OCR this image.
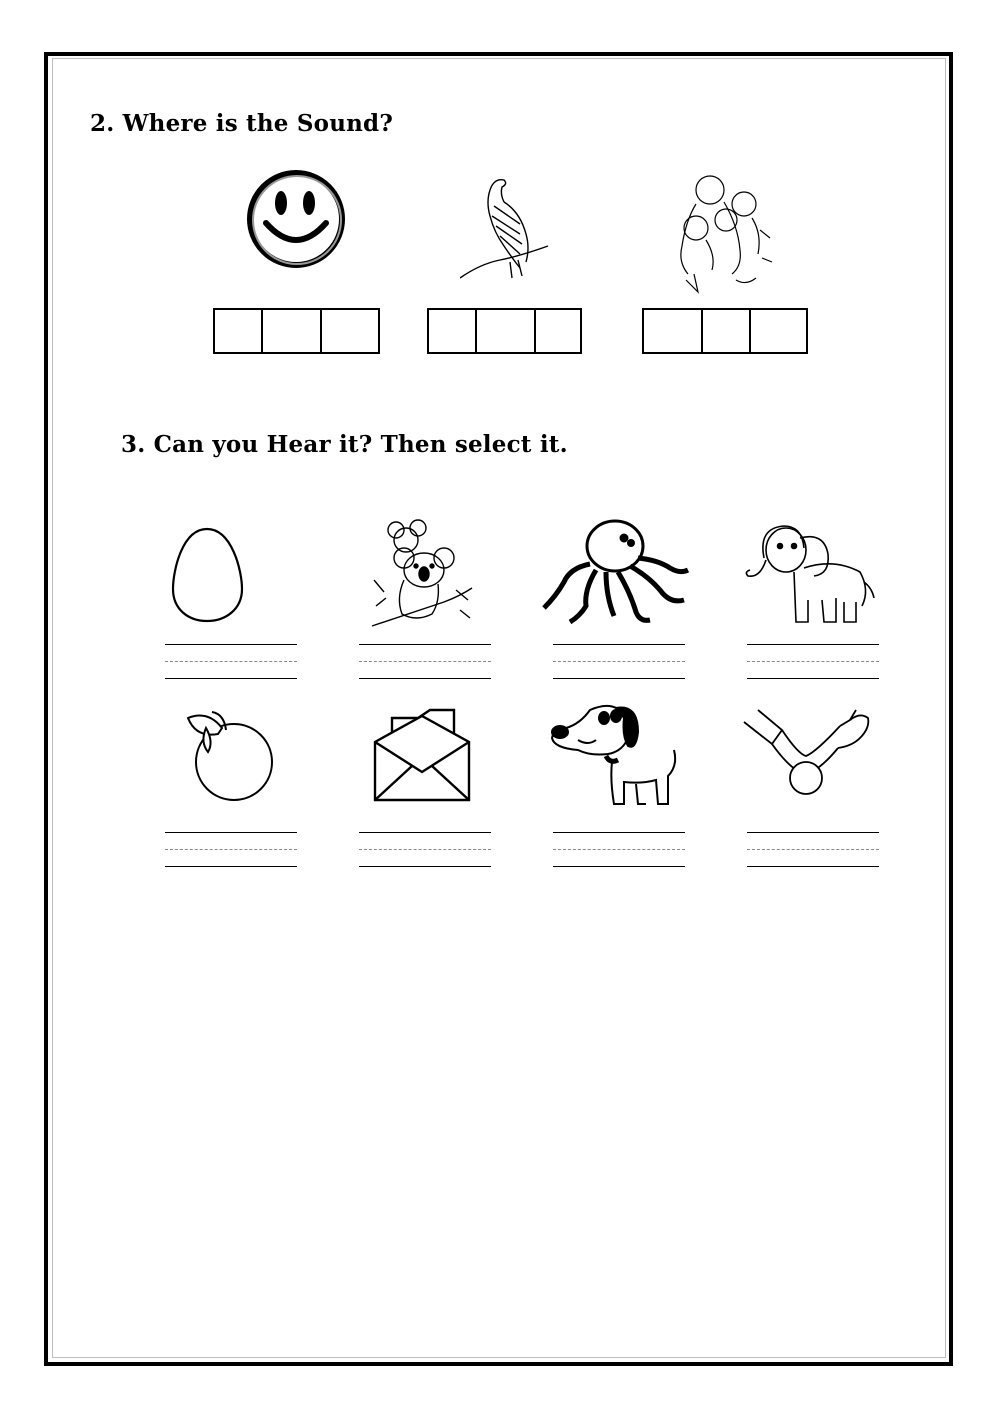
2. Where is the Sound?
3. Can you Hear it? Then select it.
